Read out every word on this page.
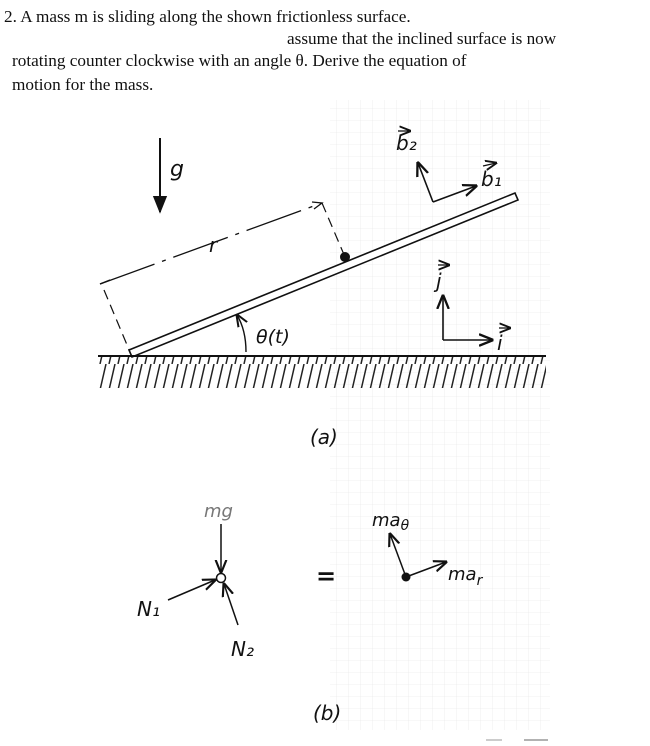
2. A mass m is sliding along the shown frictionless surface.
assume that the inclined surface is now
rotating counter clockwise with an angle θ. Derive the equation of
motion for the mass.
g
r
θ(t)
b₂
b₁
j
i
(a)
mg
N₁
N₂
=
$ma_\theta$
$ma_r$
(b)
